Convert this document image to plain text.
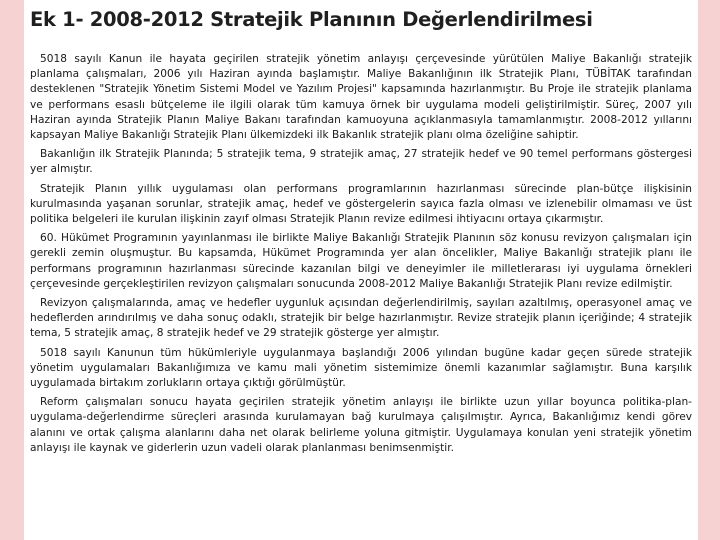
Ek 1- 2008-2012 Stratejik Planının Değerlendirilmesi

5018 sayılı Kanun ile hayata geçirilen stratejik yönetim anlayışı çerçevesinde yürütülen Maliye Bakanlığı stratejik planlama çalışmaları, 2006 yılı Haziran ayında başlamıştır. Maliye Bakanlığının ilk Stratejik Planı, TÜBİTAK tarafından desteklenen "Stratejik Yönetim Sistemi Model ve Yazılım Projesi" kapsamında hazırlanmıştır. Bu Proje ile stratejik planlama ve performans esaslı bütçeleme ile ilgili olarak tüm kamuya örnek bir uygulama modeli geliştirilmiştir. Süreç, 2007 yılı Haziran ayında Stratejik Planın Maliye Bakanı tarafından kamuoyuna açıklanmasıyla tamamlanmıştır. 2008-2012 yıllarını kapsayan Maliye Bakanlığı Stratejik Planı ülkemizdeki ilk Bakanlık stratejik planı olma özeliğine sahiptir.

Bakanlığın ilk Stratejik Planında; 5 stratejik tema, 9 stratejik amaç, 27 stratejik hedef ve 90 temel performans göstergesi yer almıştır.

Stratejik Planın yıllık uygulaması olan performans programlarının hazırlanması sürecinde plan-bütçe ilişkisinin kurulmasında yaşanan sorunlar, stratejik amaç, hedef ve göstergelerin sayıca fazla olması ve izlenebilir olmaması ve üst politika belgeleri ile kurulan ilişkinin zayıf olması Stratejik Planın revize edilmesi ihtiyacını ortaya çıkarmıştır.

60. Hükümet Programının yayınlanması ile birlikte Maliye Bakanlığı Stratejik Planının söz konusu revizyon çalışmaları için gerekli zemin oluşmuştur. Bu kapsamda, Hükümet Programında yer alan öncelikler, Maliye Bakanlığı stratejik planı ile performans programının hazırlanması sürecinde kazanılan bilgi ve deneyimler ile milletlerarası iyi uygulama örnekleri çerçevesinde gerçekleştirilen revizyon çalışmaları sonucunda 2008-2012 Maliye Bakanlığı Stratejik Planı revize edilmiştir.

Revizyon çalışmalarında, amaç ve hedefler uygunluk açısından değerlendirilmiş, sayıları azaltılmış, operasyonel amaç ve hedeflerden arındırılmış ve daha sonuç odaklı, stratejik bir belge hazırlanmıştır. Revize stratejik planın içeriğinde; 4 stratejik tema, 5 stratejik amaç, 8 stratejik hedef ve 29 stratejik gösterge yer almıştır.

5018 sayılı Kanunun tüm hükümleriyle uygulanmaya başlandığı 2006 yılından bugüne kadar geçen sürede stratejik yönetim uygulamaları Bakanlığımıza ve kamu mali yönetim sistemimize önemli kazanımlar sağlamıştır. Buna karşılık uygulamada birtakım zorlukların ortaya çıktığı görülmüştür.

Reform çalışmaları sonucu hayata geçirilen stratejik yönetim anlayışı ile birlikte uzun yıllar boyunca politika-plan-uygulama-değerlendirme süreçleri arasında kurulamayan bağ kurulmaya çalışılmıştır. Ayrıca, Bakanlığımız kendi görev alanını ve ortak çalışma alanlarını daha net olarak belirleme yoluna gitmiştir. Uygulamaya konulan yeni stratejik yönetim anlayışı ile kaynak ve giderlerin uzun vadeli olarak planlanması benimsenmiştir.
